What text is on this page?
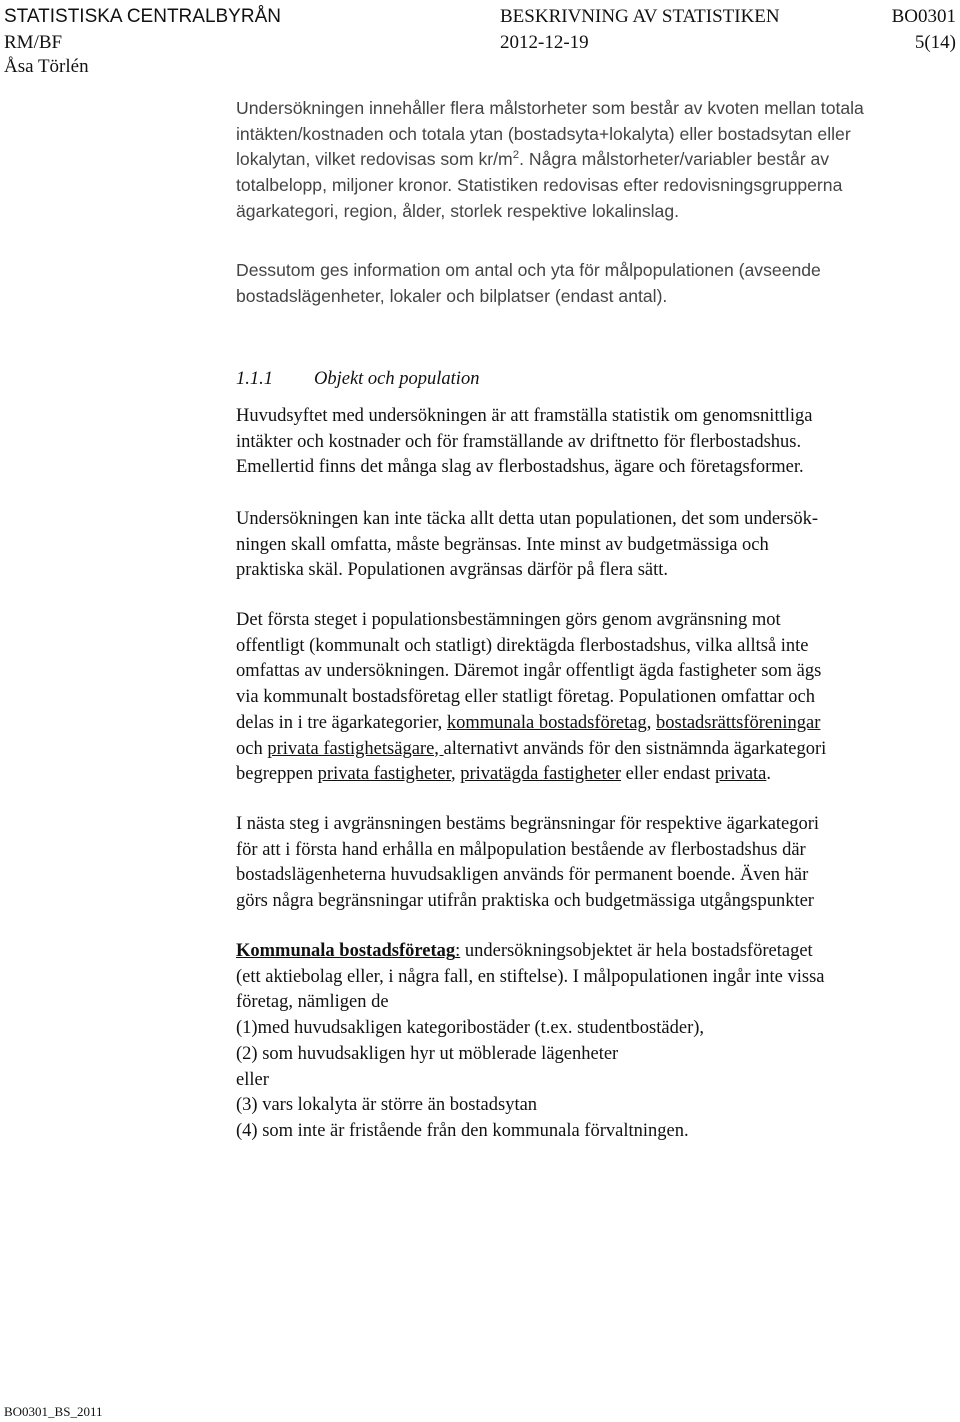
STATISTISKA CENTRALBYRÅN	BESKRIVNING AV STATISTIKEN	BO0301
RM/BF	2012-12-19	5(14)
Åsa Törlén
Undersökningen innehåller flera målstorheter som består av kvoten mellan totala
intäkten/kostnaden och totala ytan (bostadsyta+lokalyta) eller bostadsytan eller
lokalytan, vilket redovisas som $kr/m^2$. Några målstorheter/variabler består av
totalbelopp, miljoner kronor. Statistiken redovisas efter redovisningsgrupperna
ägarkategori, region, ålder, storlek respektive lokalinslag.
Dessutom ges information om antal och yta för målpopulationen (avseende
bostadslägenheter, lokaler och bilplatser (endast antal).
1.1.1 Objekt och population
Huvudsyftet med undersökningen är att framställa statistik om genomsnittliga
intäkter och kostnader och för framställande av driftnetto för flerbostadshus.
Emellertid finns det många slag av flerbostadshus, ägare och företagsformer.
Undersökningen kan inte täcka allt detta utan populationen, det som undersök-
ningen skall omfatta, måste begränsas. Inte minst av budgetmässiga och
praktiska skäl. Populationen avgränsas därför på flera sätt.
Det första steget i populationsbestämningen görs genom avgränsning mot
offentligt (kommunalt och statligt) direktägda flerbostadshus, vilka alltså inte
omfattas av undersökningen. Däremot ingår offentligt ägda fastigheter som ägs
via kommunalt bostadsföretag eller statligt företag. Populationen omfattar och
delas in i tre ägarkategorier, kommunala bostadsföretag, bostadsrättsföreningar
och privata fastighetsägare, alternativt används för den sistnämnda ägarkategori
begreppen privata fastigheter, privatägda fastigheter eller endast privata.
I nästa steg i avgränsningen bestäms begränsningar för respektive ägarkategori
för att i första hand erhålla en målpopulation bestående av flerbostadshus där
bostadslägenheterna huvudsakligen används för permanent boende. Även här
görs några begränsningar utifrån praktiska och budgetmässiga utgångspunkter
Kommunala bostadsföretag: undersökningsobjektet är hela bostadsföretaget
(ett aktiebolag eller, i några fall, en stiftelse). I målpopulationen ingår inte vissa
företag, nämligen de
(1)med huvudsakligen kategoribostäder (t.ex. studentbostäder),
(2) som huvudsakligen hyr ut möblerade lägenheter
eller
(3) vars lokalyta är större än bostadsytan
(4) som inte är fristående från den kommunala förvaltningen.
BO0301_BS_2011
